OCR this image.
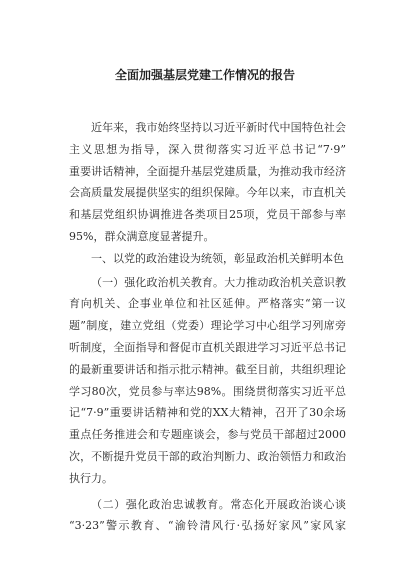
全面加强基层党建工作情况的报告
近年来，我市始终坚持以习近平新时代中国特色社会
主义思想为指导，深入贯彻落实习近平总书记“7·9”
重要讲话精神，全面提升基层党建质量，为推动我市经济
会高质量发展提供坚实的组织保障。今年以来，市直机关
和基层党组织协调推进各类项目25项，党员干部参与率
95%，群众满意度显著提升。
一、以党的政治建设为统领，彰显政治机关鲜明本色
（一）强化政治机关教育。大力推动政治机关意识教
育向机关、企事业单位和社区延伸。严格落实“第一议
题”制度，建立党组（党委）理论学习中心组学习列席旁
听制度，全面指导和督促市直机关跟进学习习近平总书记
的最新重要讲话和指示批示精神。截至目前，共组织理论
学习80次，党员参与率达98%。围绕贯彻落实习近平总
记“7·9”重要讲话精神和党的XX大精神，召开了30余场
重点任务推进会和专题座谈会，参与党员干部超过2000
次，不断提升党员干部的政治判断力、政治领悟力和政治
执行力。
（二）强化政治忠诚教育。常态化开展政治谈心谈
“3·23”警示教育、“渝铃清风行·弘扬好家风”家风家
